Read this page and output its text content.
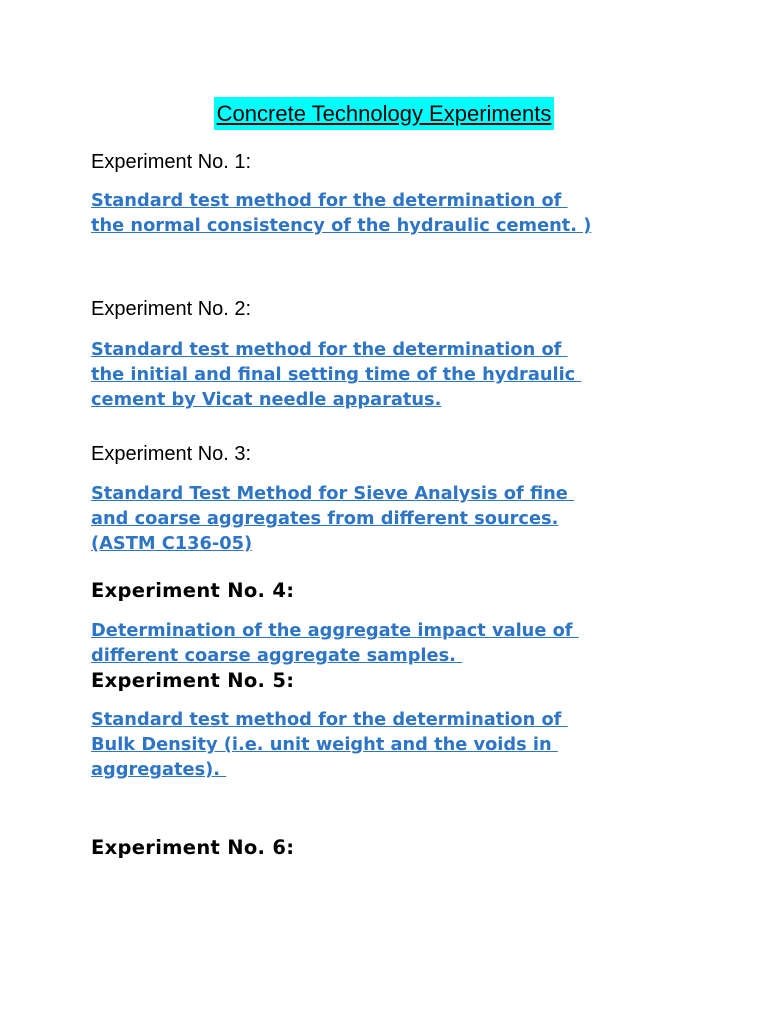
Concrete Technology Experiments

Experiment No. 1:

Standard test method for the determination of
the normal consistency of the hydraulic cement. )

Experiment No. 2:

Standard test method for the determination of
the initial and final setting time of the hydraulic
cement by Vicat needle apparatus.

Experiment No. 3:

Standard Test Method for Sieve Analysis of fine
and coarse aggregates from different sources.
(ASTM C136-05)

Experiment No. 4:

Determination of the aggregate impact value of
different coarse aggregate samples.

Experiment No. 5:

Standard test method for the determination of
Bulk Density (i.e. unit weight and the voids in
aggregates).

Experiment No. 6:
